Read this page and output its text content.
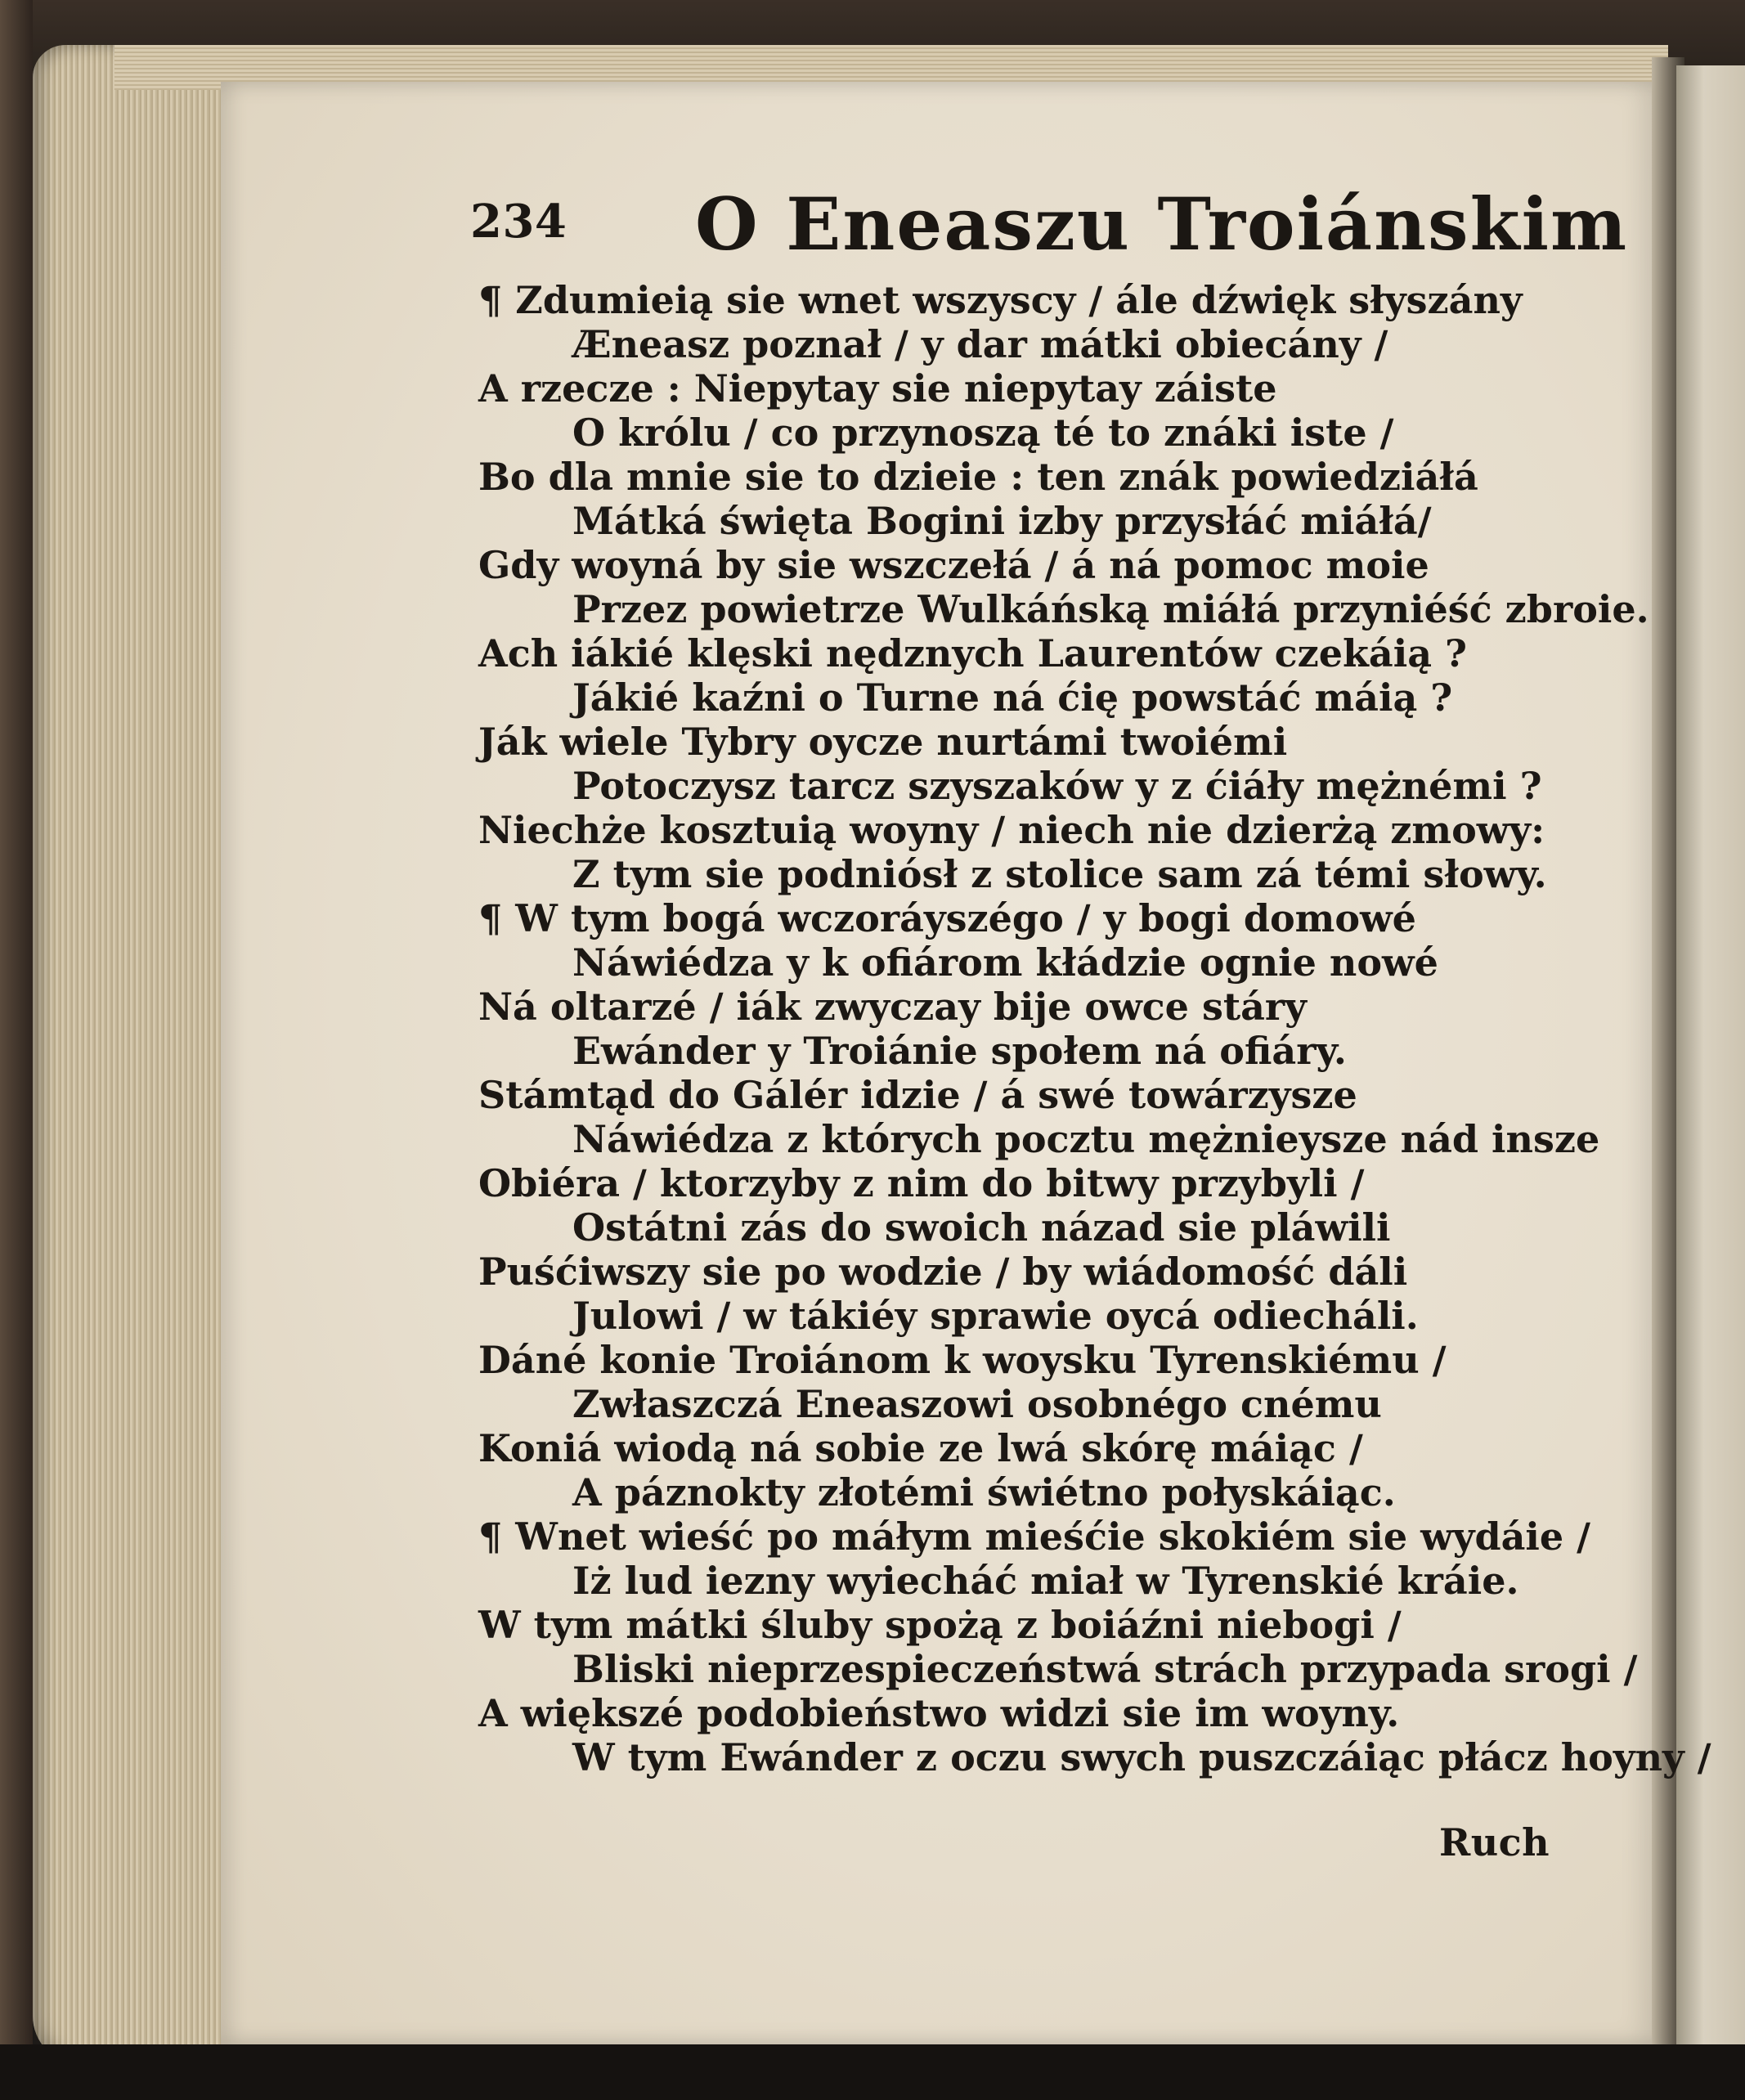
234 O Eneaszu Troiánskim
¶ Zdumieią sie wnet wszyscy / ále dźwięk słyszány
Æneasz poznał / y dar mátki obiecány /
A rzecze : Niepytay sie niepytay záiste
O królu / co przynoszą té to znáki iste /
Bo dla mnie sie to dzieie : ten znák powiedziáłá
Mátká święta Bogini izby przysłáć miáłá/
Gdy woyná by sie wszczełá / á ná pomoc moie
Przez powietrze Wulkáńską miáłá przyniéść zbroie.
Ach iákié klęski nędznych Laurentów czekáią ?
Jákié kaźni o Turne ná ćię powstáć máią ?
Ják wiele Tybry oycze nurtámi twoiémi
Potoczysz tarcz szyszaków y z ćiáły mężnémi ?
Niechże kosztuią woyny / niech nie dzierżą zmowy:
Z tym sie podniósł z stolice sam zá témi słowy.
¶ W tym bogá wczoráyszégo / y bogi domowé
Náwiédza y k ofiárom kłádzie ognie nowé
Ná oltarzé / iák zwyczay bije owce stáry
Ewánder y Troiánie społem ná ofiáry.
Stámtąd do Gálér idzie / á swé towárzysze
Náwiédza z których pocztu mężnieysze nád insze
Obiéra / ktorzyby z nim do bitwy przybyli /
Ostátni zás do swoich názad sie pláwili
Puśćiwszy sie po wodzie / by wiádomość dáli
Julowi / w tákiéy sprawie oycá odiecháli.
Dáné konie Troiánom k woysku Tyrenskiému /
Zwłaszczá Eneaszowi osobnégo cnému
Koniá wiodą ná sobie ze lwá skórę máiąc /
A páznokty złotémi świétno połyskáiąc.
¶ Wnet wieść po máłym mieśćie skokiém sie wydáie /
Iż lud iezny wyiecháć miał w Tyrenskié kráie.
W tym mátki śluby spożą z boiáźni niebogi /
Bliski nieprzespieczeństwá strách przypada srogi /
A większé podobieństwo widzi sie im woyny.
W tym Ewánder z oczu swych puszczáiąc płácz hoyny /
Ruch
